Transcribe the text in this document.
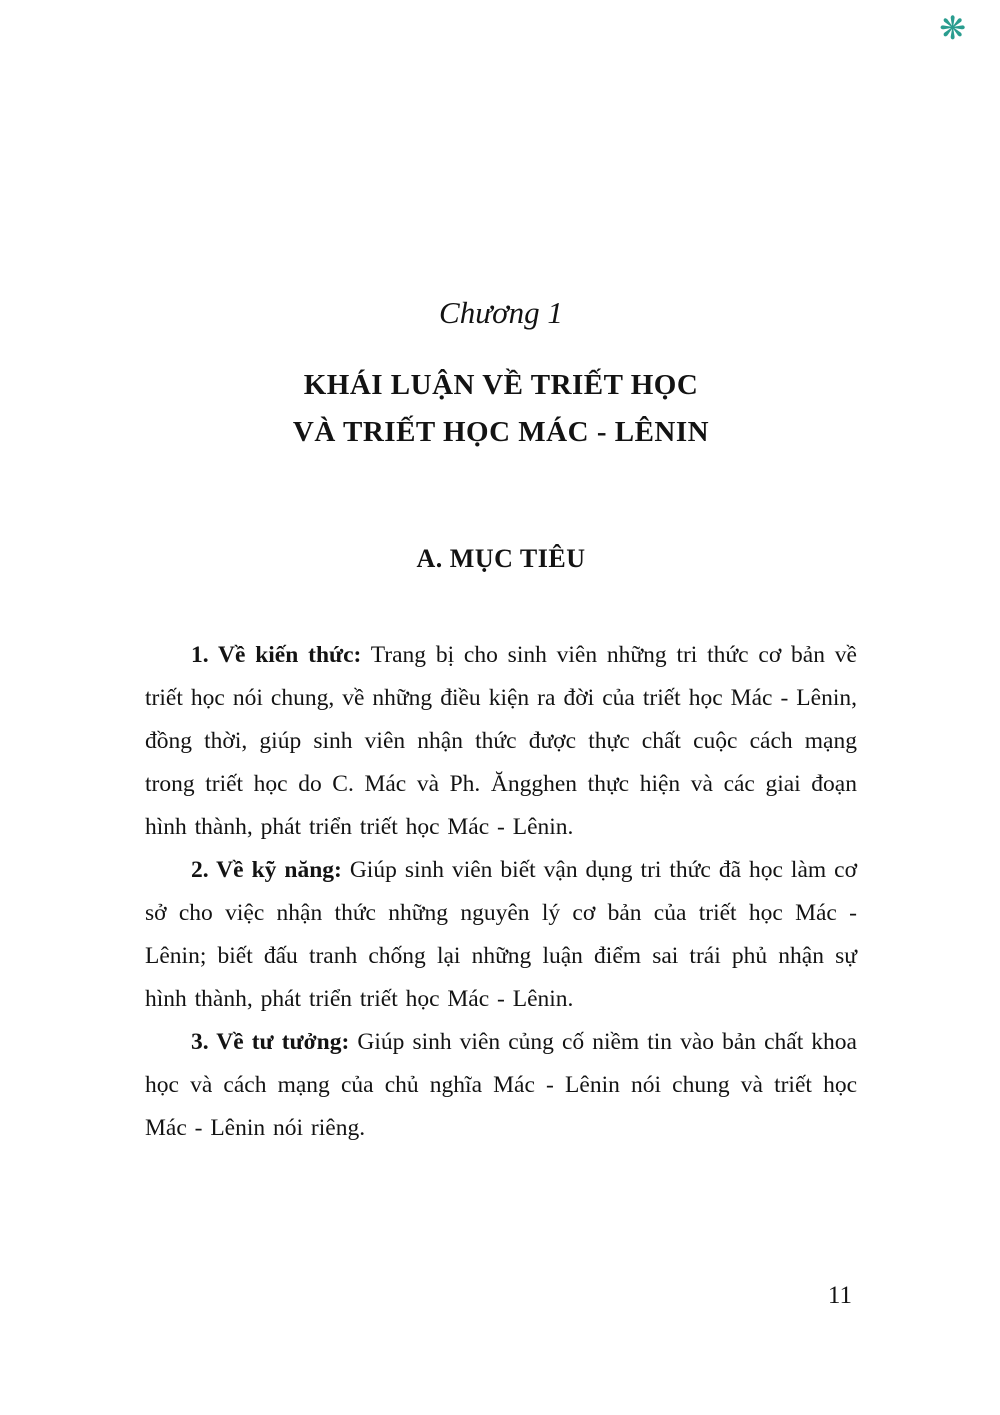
❋
Chương 1
KHÁI LUẬN VỀ TRIẾT HỌC
VÀ TRIẾT HỌC MÁC - LÊNIN
A. MỤC TIÊU

1. Về kiến thức: Trang bị cho sinh viên những tri thức cơ bản về triết học nói chung, về những điều kiện ra đời của triết học Mác - Lênin, đồng thời, giúp sinh viên nhận thức được thực chất cuộc cách mạng trong triết học do C. Mác và Ph. Ăngghen thực hiện và các giai đoạn hình thành, phát triển triết học Mác - Lênin.

2. Về kỹ năng: Giúp sinh viên biết vận dụng tri thức đã học làm cơ sở cho việc nhận thức những nguyên lý cơ bản của triết học Mác - Lênin; biết đấu tranh chống lại những luận điểm sai trái phủ nhận sự hình thành, phát triển triết học Mác - Lênin.

3. Về tư tưởng: Giúp sinh viên củng cố niềm tin vào bản chất khoa học và cách mạng của chủ nghĩa Mác - Lênin nói chung và triết học Mác - Lênin nói riêng.

11
